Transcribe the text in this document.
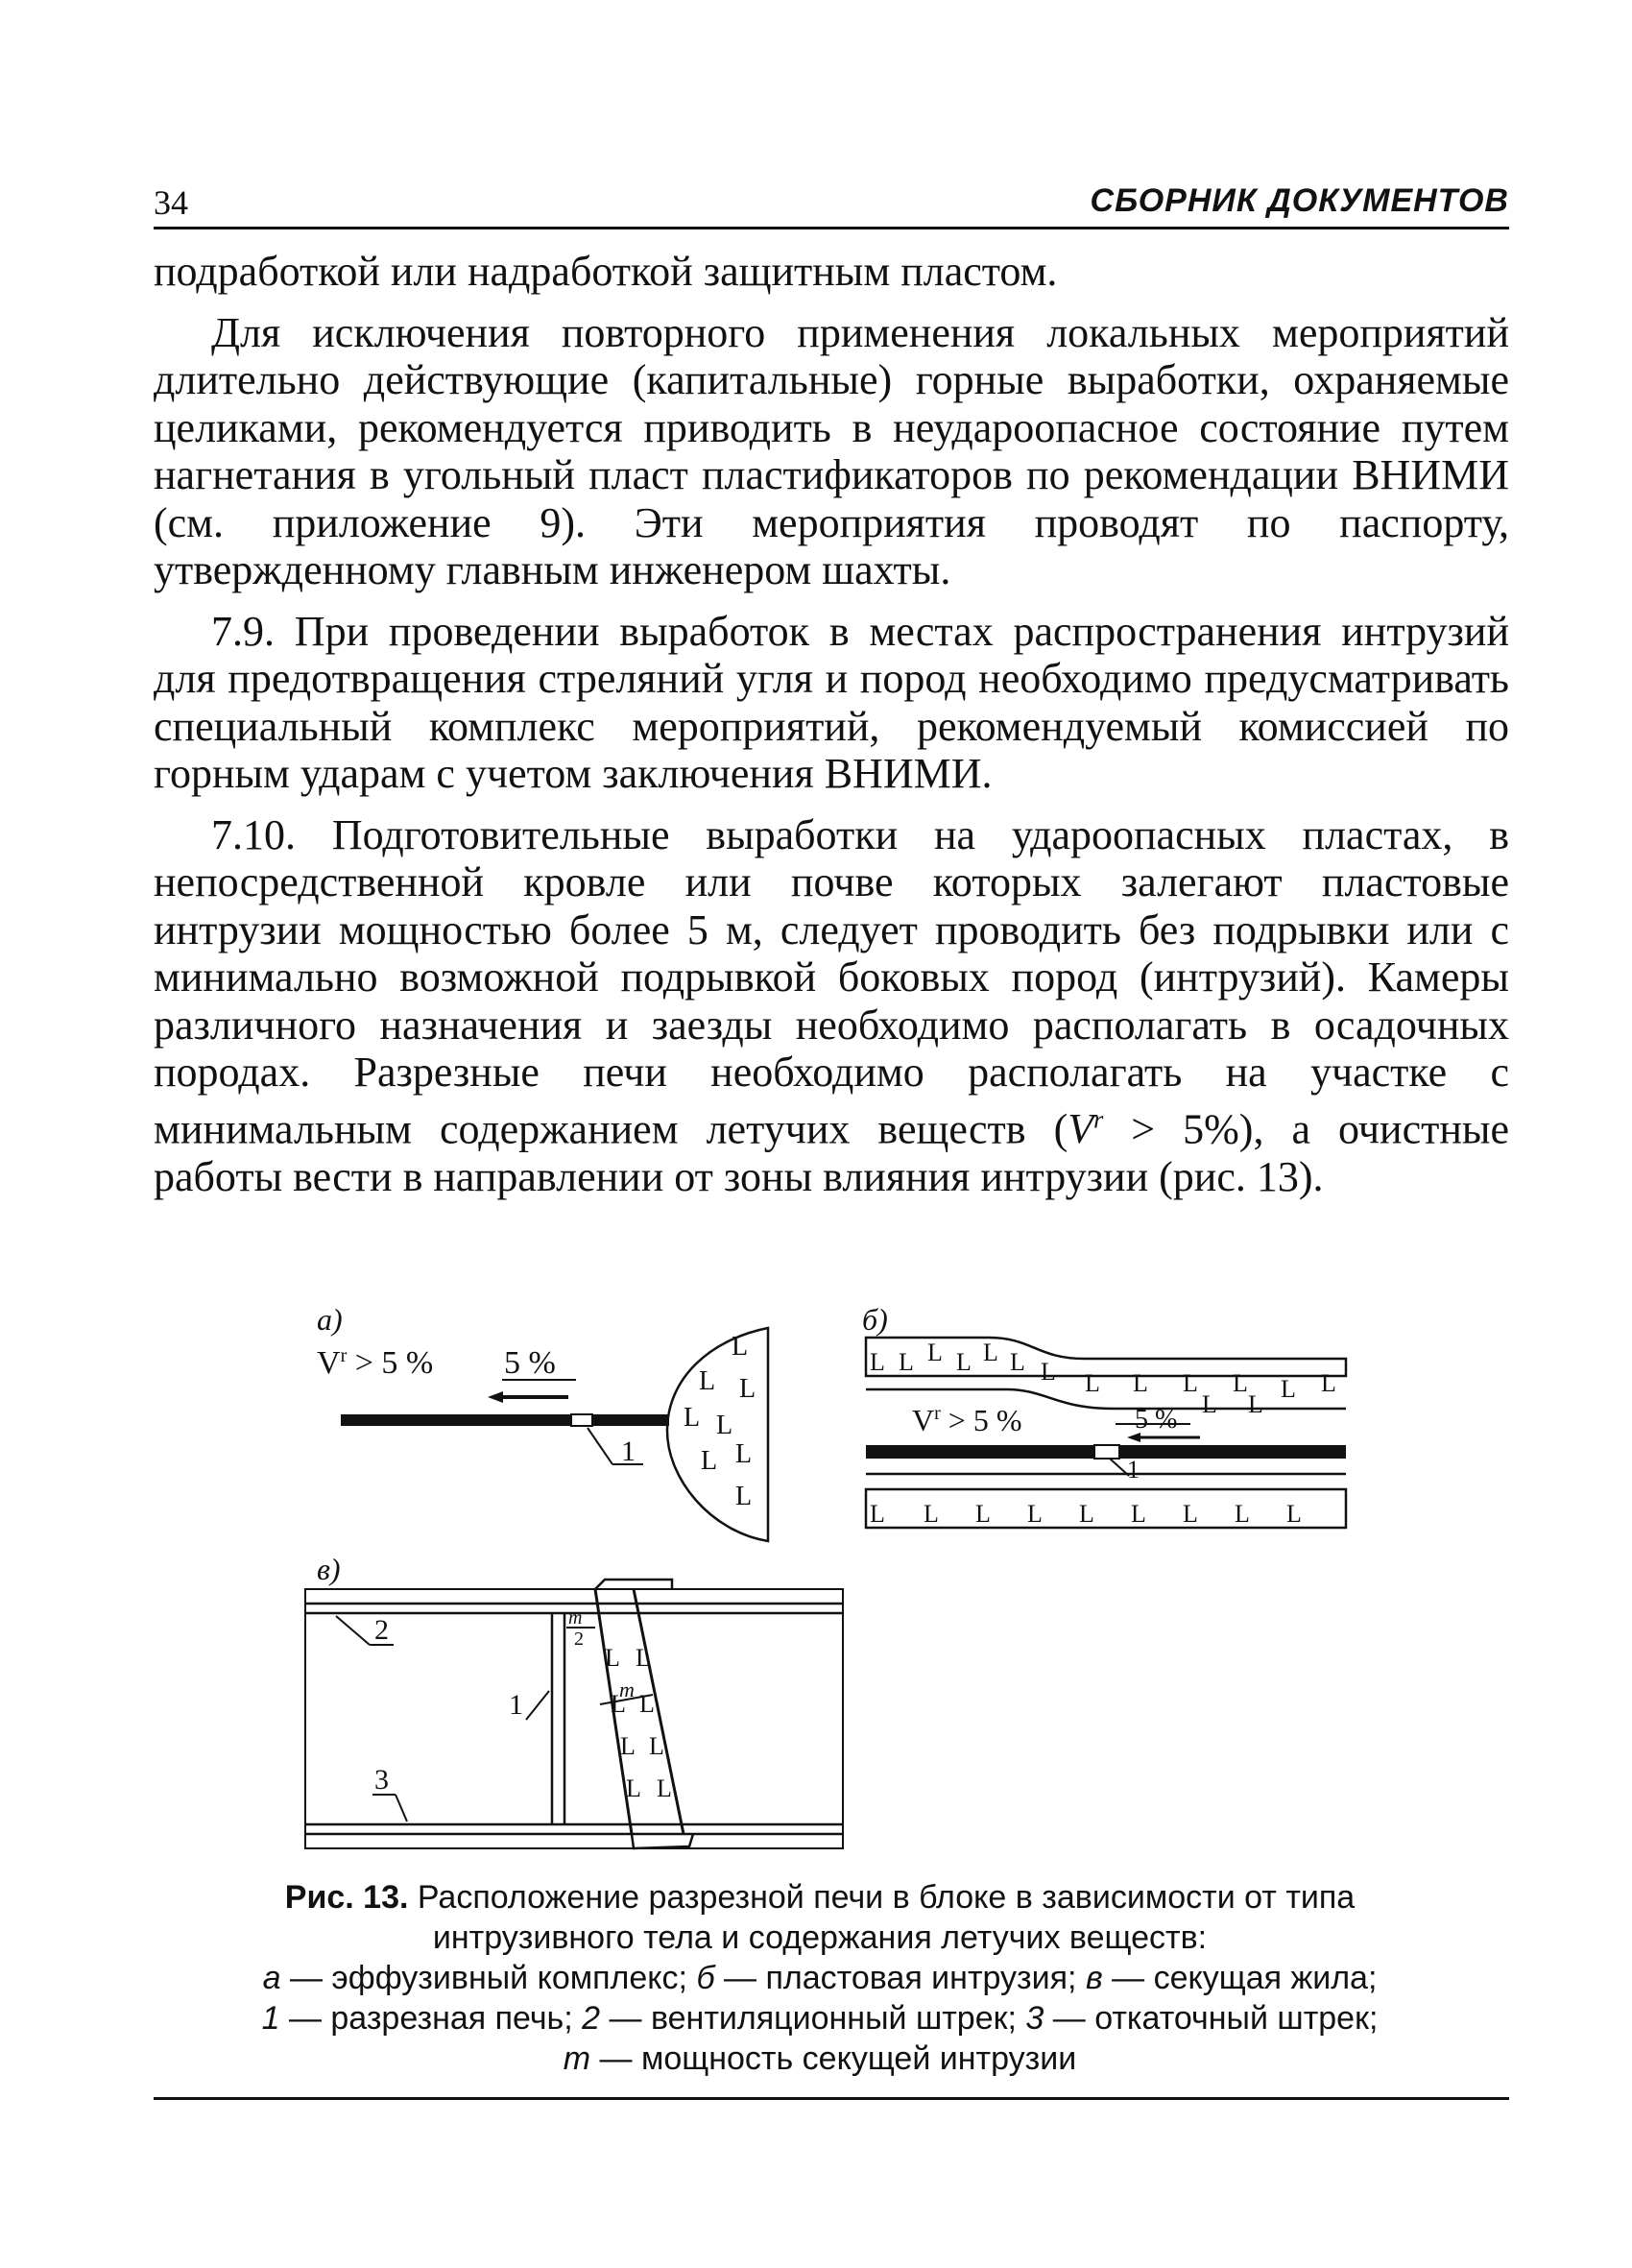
34	СБОРНИК ДОКУМЕНТОВ

подработкой или надработкой защитным пластом.

Для исключения повторного применения локальных мероприятий длительно действующие (капитальные) горные выработки, охраняемые целиками, рекомендуется приводить в неудароопасное состояние путем нагнетания в угольный пласт пластификаторов по рекомендации ВНИМИ (см. приложение 9). Эти мероприятия проводят по паспорту, утвержденному главным инженером шахты.

7.9. При проведении выработок в местах распространения интрузий для предотвращения стреляний угля и пород необходимо предусматривать специальный комплекс мероприятий, рекомендуемый комиссией по горным ударам с учетом заключения ВНИМИ.

7.10. Подготовительные выработки на удароопасных пластах, в непосредственной кровле или почве которых залегают пластовые интрузии мощностью более 5 м, следует проводить без подрывки или с минимально возможной подрывкой боковых пород (интрузий). Камеры различного назначения и заезды необходимо располагать в осадочных породах. Разрезные печи необходимо располагать на участке с минимальным содержанием летучих веществ $(V^r > 5\%)$, а очистные работы вести в направлении от зоны влияния интрузии (рис. 13).

а)
$V^r > 5$ % 5 %
1
L
L L
L L
L L
L
б)
L L L L L L L L L L L L L
L L
$V^r > 5$ %	5 %
1
L L L L L L L L L
в)
m
2
m
L L
L L
L L
L L
2
1
3
Рис. 13. Расположение разрезной печи в блоке в зависимости от типа интрузивного тела и содержания летучих веществ:
а — эффузивный комплекс; б — пластовая интрузия; в — секущая жила;
1 — разрезная печь; 2 — вентиляционный штрек; 3 — откаточный штрек;
m — мощность секущей интрузии
